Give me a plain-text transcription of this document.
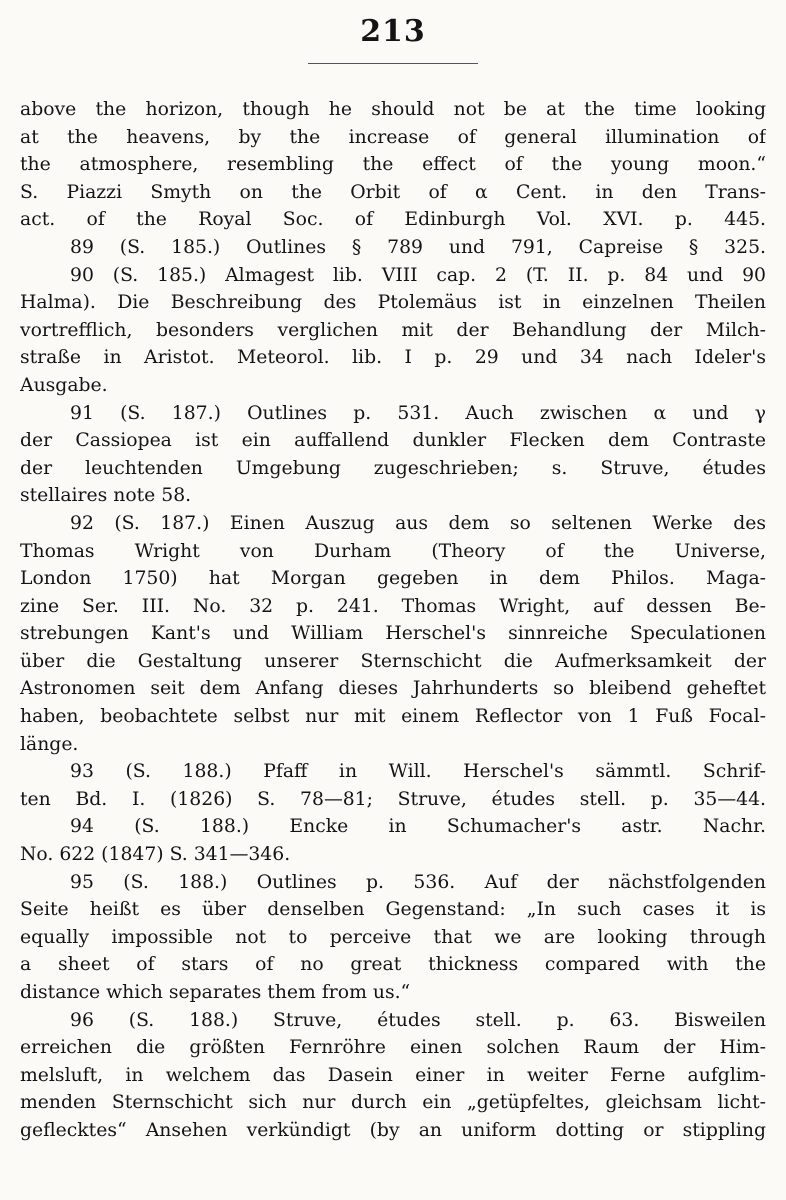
213
above the horizon, though he should not be at the time looking
at the heavens, by the increase of general illumination of
the atmosphere, resembling the effect of the young moon.“
S. Piazzi Smyth on the Orbit of α Cent. in den Trans-
act. of the Royal Soc. of Edinburgh Vol. XVI. p. 445.
89 (S. 185.) Outlines § 789 und 791, Capreise § 325.
90 (S. 185.) Almagest lib. VIII cap. 2 (T. II. p. 84 und 90
Halma). Die Beschreibung des Ptolemäus ist in einzelnen Theilen
vortrefflich, besonders verglichen mit der Behandlung der Milch-
straße in Aristot. Meteorol. lib. I p. 29 und 34 nach Ideler's
Ausgabe.
91 (S. 187.) Outlines p. 531. Auch zwischen α und γ
der Cassiopea ist ein auffallend dunkler Flecken dem Contraste
der leuchtenden Umgebung zugeschrieben; s. Struve, études
stellaires note 58.
92 (S. 187.) Einen Auszug aus dem so seltenen Werke des
Thomas Wright von Durham (Theory of the Universe,
London 1750) hat Morgan gegeben in dem Philos. Maga-
zine Ser. III. No. 32 p. 241. Thomas Wright, auf dessen Be-
strebungen Kant's und William Herschel's sinnreiche Speculationen
über die Gestaltung unserer Sternschicht die Aufmerksamkeit der
Astronomen seit dem Anfang dieses Jahrhunderts so bleibend geheftet
haben, beobachtete selbst nur mit einem Reflector von 1 Fuß Focal-
länge.
93 (S. 188.) Pfaff in Will. Herschel's sämmtl. Schrif-
ten Bd. I. (1826) S. 78—81; Struve, études stell. p. 35—44.
94 (S. 188.) Encke in Schumacher's astr. Nachr.
No. 622 (1847) S. 341—346.
95 (S. 188.) Outlines p. 536. Auf der nächstfolgenden
Seite heißt es über denselben Gegenstand: „In such cases it is
equally impossible not to perceive that we are looking through
a sheet of stars of no great thickness compared with the
distance which separates them from us.“
96 (S. 188.) Struve, études stell. p. 63. Bisweilen
erreichen die größten Fernröhre einen solchen Raum der Him-
melsluft, in welchem das Dasein einer in weiter Ferne aufglim-
menden Sternschicht sich nur durch ein „getüpfeltes, gleichsam licht-
geflecktes“ Ansehen verkündigt (by an uniform dotting or stippling
